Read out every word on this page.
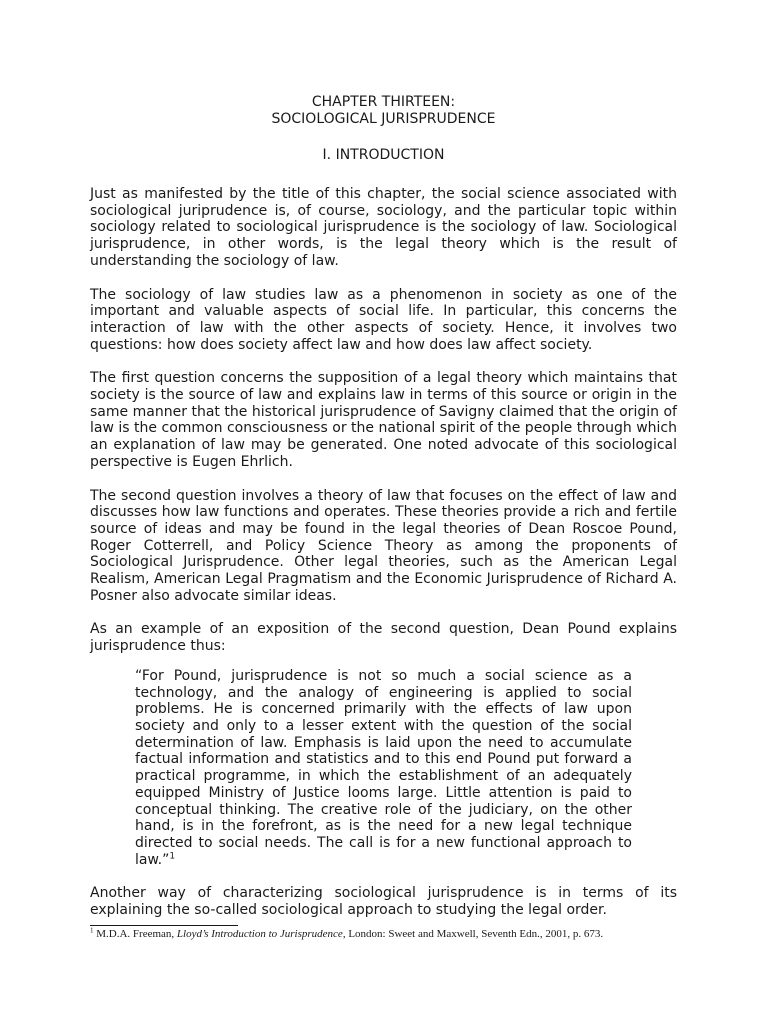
CHAPTER THIRTEEN:

SOCIOLOGICAL JURISPRUDENCE

I. INTRODUCTION

Just as manifested by the title of this chapter, the social science associated with sociological juriprudence is, of course, sociology, and the particular topic within sociology related to sociological jurisprudence is the sociology of law. Sociological jurisprudence, in other words, is the legal theory which is the result of understanding the sociology of law.

The sociology of law studies law as a phenomenon in society as one of the important and valuable aspects of social life. In particular, this concerns the interaction of law with the other aspects of society. Hence, it involves two questions: how does society affect law and how does law affect society.

The first question concerns the supposition of a legal theory which maintains that society is the source of law and explains law in terms of this source or origin in the same manner that the historical jurisprudence of Savigny claimed that the origin of law is the common consciousness or the national spirit of the people through which an explanation of law may be generated. One noted advocate of this sociological perspective is Eugen Ehrlich.

The second question involves a theory of law that focuses on the effect of law and discusses how law functions and operates. These theories provide a rich and fertile source of ideas and may be found in the legal theories of Dean Roscoe Pound, Roger Cotterrell, and Policy Science Theory as among the proponents of Sociological Jurisprudence. Other legal theories, such as the American Legal Realism, American Legal Pragmatism and the Economic Jurisprudence of Richard A. Posner also advocate similar ideas.

As an example of an exposition of the second question, Dean Pound explains jurisprudence thus:

“For Pound, jurisprudence is not so much a social science as a technology, and the analogy of engineering is applied to social problems. He is concerned primarily with the effects of law upon society and only to a lesser extent with the question of the social determination of law. Emphasis is laid upon the need to accumulate factual information and statistics and to this end Pound put forward a practical programme, in which the establishment of an adequately equipped Ministry of Justice looms large. Little attention is paid to conceptual thinking. The creative role of the judiciary, on the other hand, is in the forefront, as is the need for a new legal technique directed to social needs. The call is for a new functional approach to law.”$^1$

Another way of characterizing sociological jurisprudence is in terms of its explaining the so-called sociological approach to studying the legal order.

$^1$ M.D.A. Freeman, Lloyd’s Introduction to Jurisprudence, London: Sweet and Maxwell, Seventh Edn., 2001, p. 673.
